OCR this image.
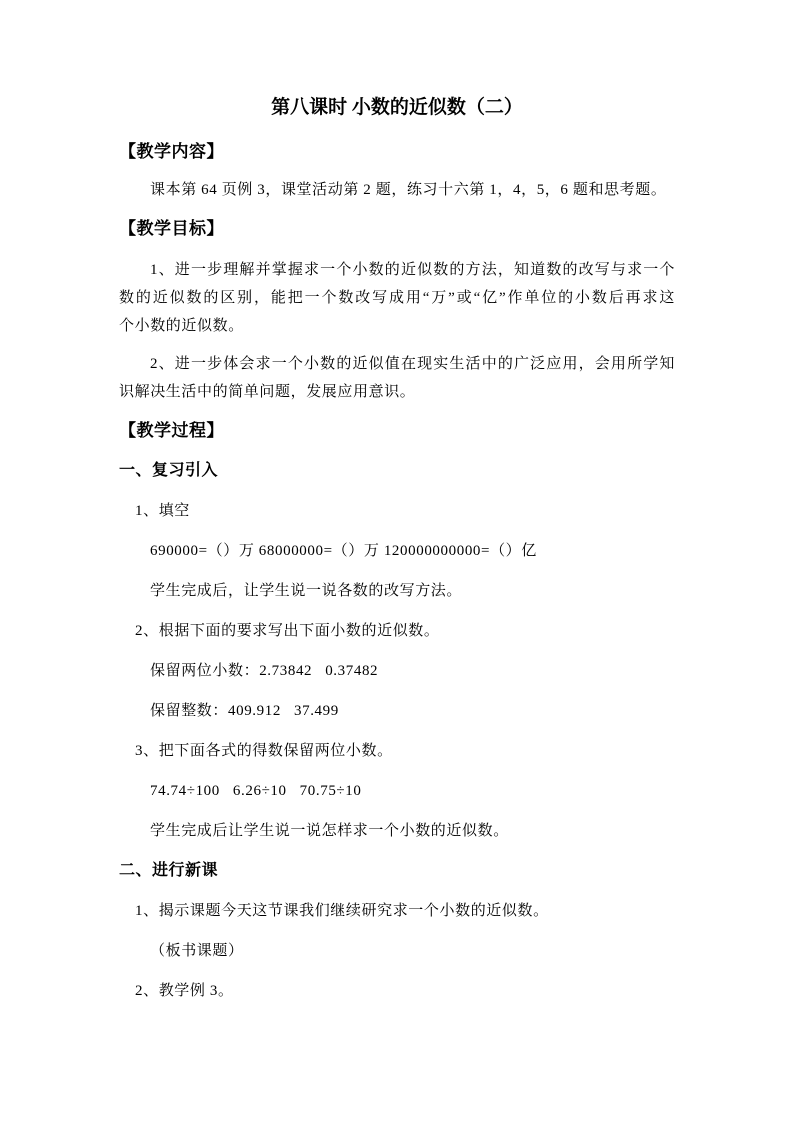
第八课时 小数的近似数（二）
【教学内容】
课本第 64 页例 3，课堂活动第 2 题，练习十六第 1，4，5，6 题和思考题。
【教学目标】
1、进一步理解并掌握求一个小数的近似数的方法，知道数的改写与求一个
数的近似数的区别，能把一个数改写成用“万”或“亿”作单位的小数后再求这
个小数的近似数。
2、进一步体会求一个小数的近似值在现实生活中的广泛应用，会用所学知
识解决生活中的简单问题，发展应用意识。
【教学过程】
一、复习引入
1、填空
690000=（）万 68000000=（）万 120000000000=（）亿
学生完成后，让学生说一说各数的改写方法。
2、根据下面的要求写出下面小数的近似数。
保留两位小数：2.73842   0.37482
保留整数：409.912   37.499
3、把下面各式的得数保留两位小数。
74.74÷100   6.26÷10   70.75÷10
学生完成后让学生说一说怎样求一个小数的近似数。
二、进行新课
1、揭示课题今天这节课我们继续研究求一个小数的近似数。
（板书课题）
2、教学例 3。
